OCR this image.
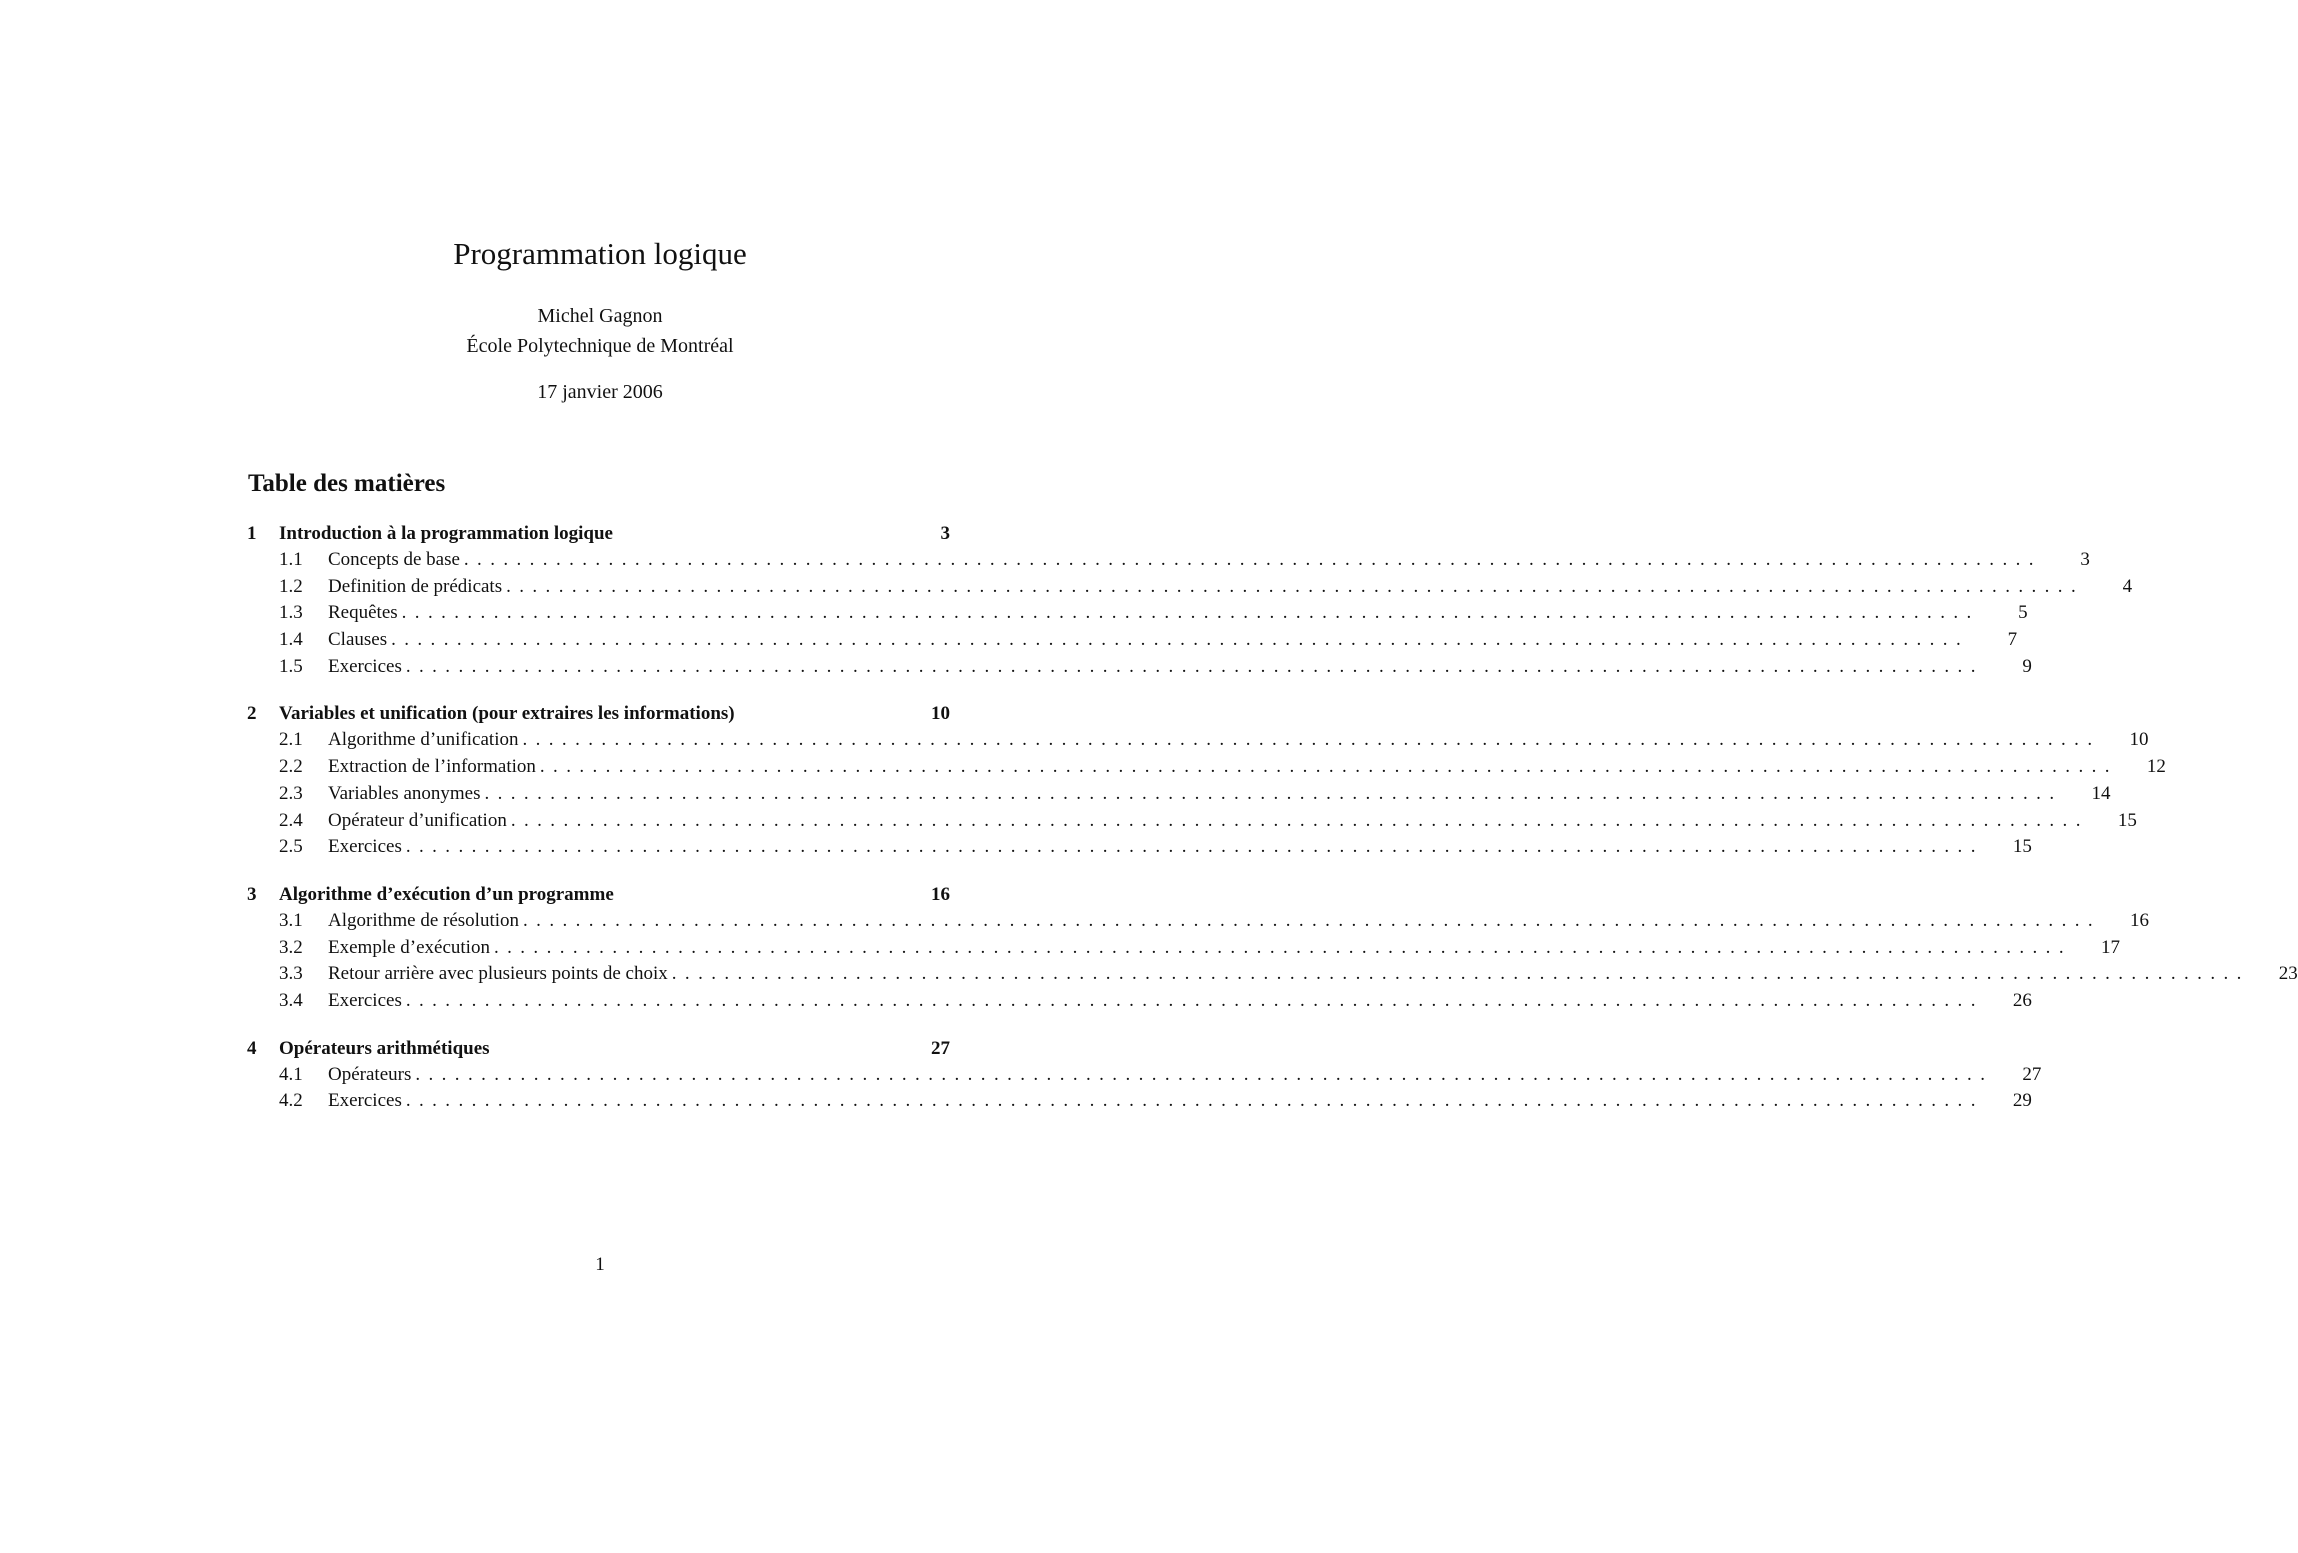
Programmation logique
Michel Gagnon
École Polytechnique de Montréal
17 janvier 2006
Table des matières
1	Introduction à la programmation logique	3
1.1	Concepts de base ........................................................................................................................	3
1.2	Definition de prédicats ........................................................................................................................	4
1.3	Requêtes ........................................................................................................................	5
1.4	Clauses ........................................................................................................................	7
1.5	Exercices ........................................................................................................................	9
2	Variables et unification (pour extraires les informations)	10
2.1	Algorithme d’unification ........................................................................................................................	10
2.2	Extraction de l’information ........................................................................................................................	12
2.3	Variables anonymes ........................................................................................................................	14
2.4	Opérateur d’unification ........................................................................................................................	15
2.5	Exercices ........................................................................................................................	15
3	Algorithme d’exécution d’un programme	16
3.1	Algorithme de résolution ........................................................................................................................	16
3.2	Exemple d’exécution ........................................................................................................................	17
3.3	Retour arrière avec plusieurs points de choix ........................................................................................................................	23
3.4	Exercices ........................................................................................................................	26
4	Opérateurs arithmétiques	27
4.1	Opérateurs ........................................................................................................................	27
4.2	Exercices ........................................................................................................................	29
1
